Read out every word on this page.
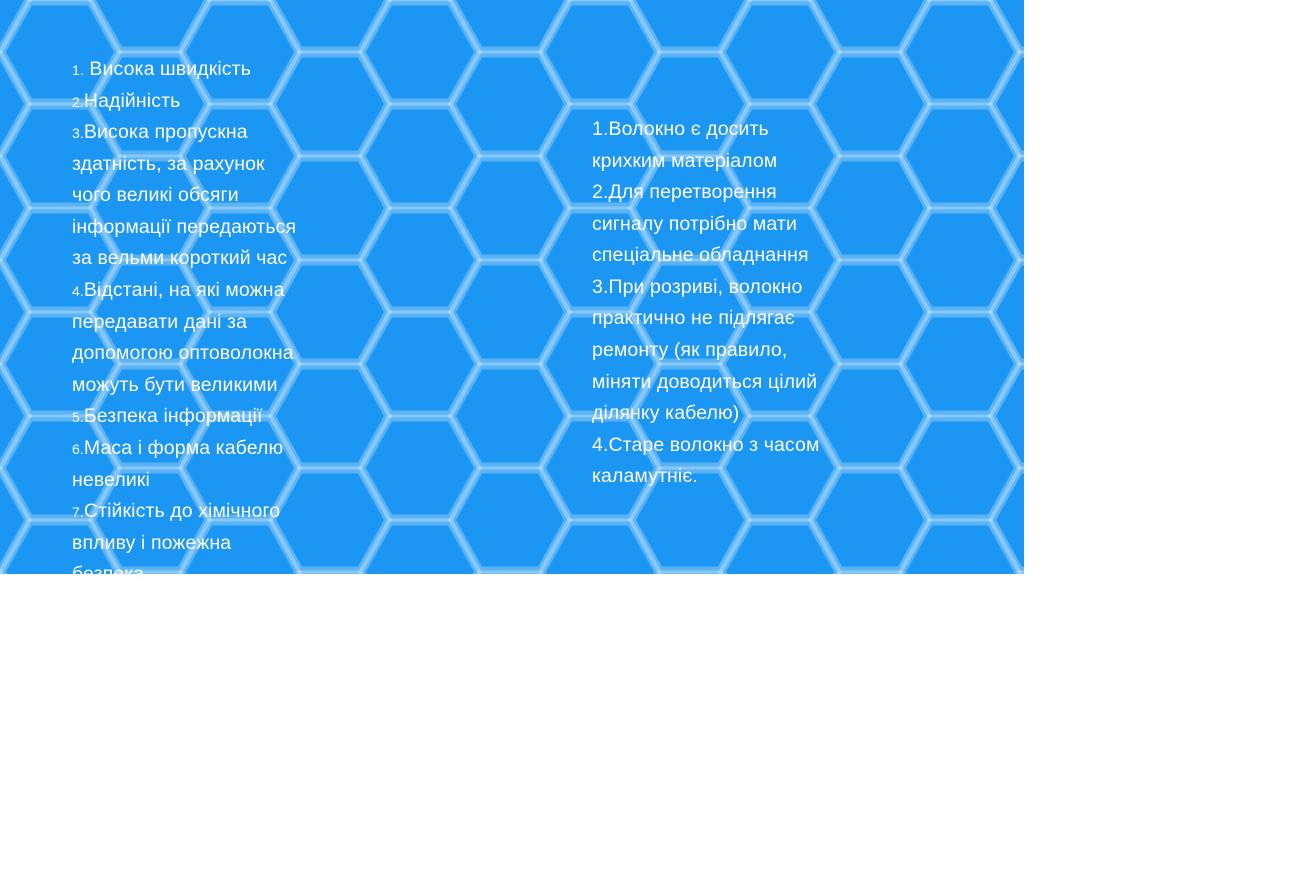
1. Висока швидкість
2.Надійність
3.Висока пропускна
здатність, за рахунок
чого великі обсяги
інформації передаються
за вельми короткий час
4.Відстані, на які можна
передавати дані за
допомогою оптоволокна
можуть бути великими
5.Безпека інформації
6.Маса і форма кабелю
невеликі
7.Стійкість до хімічного
впливу і пожежна
безпека
1.Волокно є досить
крихким матеріалом
2.Для перетворення
сигналу потрібно мати
спеціальне обладнання
3.При розриві, волокно
практично не підлягає
ремонту (як правило,
міняти доводиться цілий
ділянку кабелю)
4.Старе волокно з часом
каламутніє.
